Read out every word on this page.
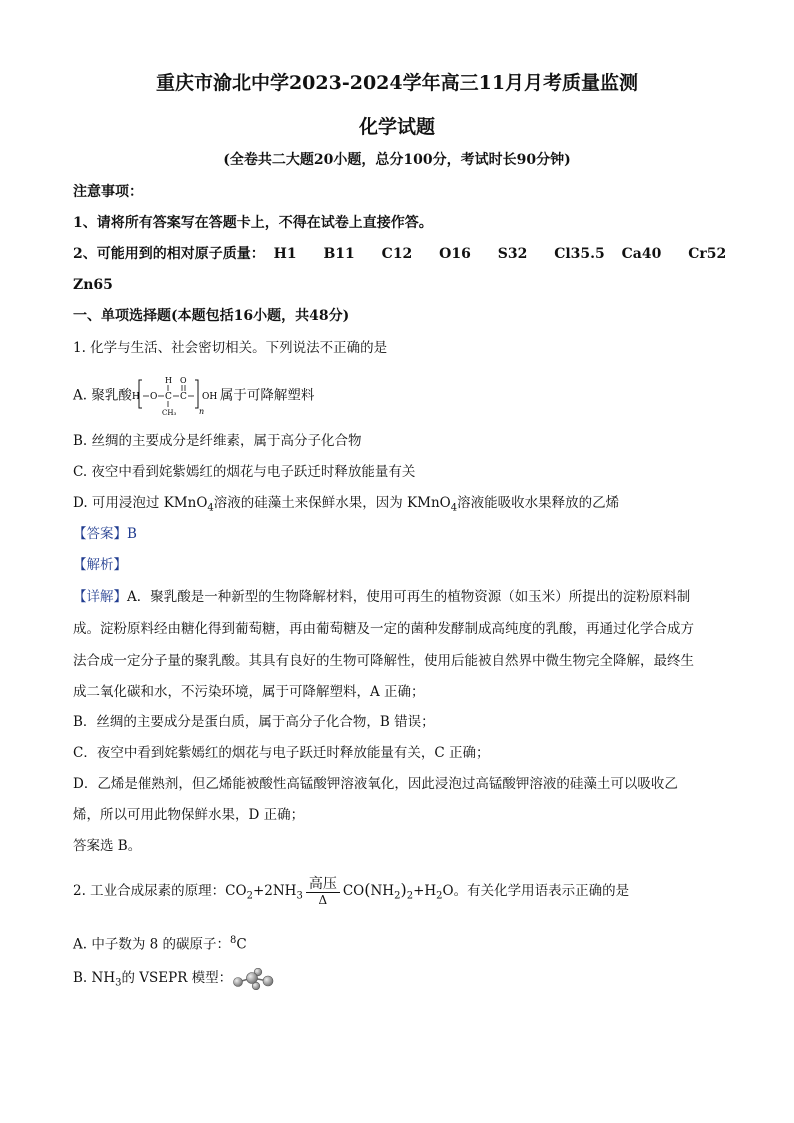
重庆市渝北中学2023-2024学年高三11月月考质量监测
化学试题
(全卷共二大题20小题，总分100分，考试时长90分钟)
注意事项：
1、请将所有答案写在答题卡上，不得在试卷上直接作答。
2、可能用到的相对原子质量： H1 B11 C12 O16 S32 Cl35.5 Ca40 Cr52
Zn65
一、单项选择题(本题包括16小题，共48分)
1. 化学与生活、社会密切相关。下列说法不正确的是
A. 聚乳酸 H O C
H
CH₃
C
O
n
OH 属于可降解塑料
B. 丝绸的主要成分是纤维素，属于高分子化合物
C. 夜空中看到姹紫嫣红的烟花与电子跃迁时释放能量有关
D. 可用浸泡过 KMnO$_4$溶液的硅藻土来保鲜水果，因为 KMnO$_4$溶液能吸收水果释放的乙烯
【答案】B
【解析】
【详解】A．聚乳酸是一种新型的生物降解材料，使用可再生的植物资源（如玉米）所提出的淀粉原料制
成。淀粉原料经由糖化得到葡萄糖，再由葡萄糖及一定的菌种发酵制成高纯度的乳酸，再通过化学合成方
法合成一定分子量的聚乳酸。其具有良好的生物可降解性，使用后能被自然界中微生物完全降解，最终生
成二氧化碳和水，不污染环境，属于可降解塑料，A 正确；
B．丝绸的主要成分是蛋白质，属于高分子化合物，B 错误；
C．夜空中看到姹紫嫣红的烟花与电子跃迁时释放能量有关，C 正确；
D．乙烯是催熟剂，但乙烯能被酸性高锰酸钾溶液氧化，因此浸泡过高锰酸钾溶液的硅藻土可以吸收乙
烯，所以可用此物保鲜水果，D 正确；
答案选 B。
2. 工业合成尿素的原理：$CO_2+2NH_3 \frac{\text{高压}}{\Delta} CO(NH_2)_2+H_2O$。有关化学用语表示正确的是
A. 中子数为 8 的碳原子：$^8$C
B. $NH_3$的 VSEPR 模型：
